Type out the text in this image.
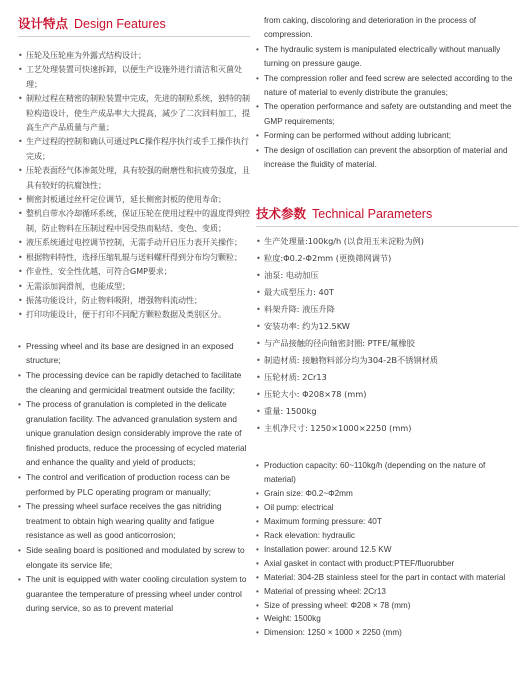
设计特点 Design Features
• 压轮及压轮座为外露式结构设计；
• 工艺处理装置可快速拆卸，以便生产设施外进行清洁和灭菌处理；
• 制粒过程在精密的制粒装置中完成，先进的制粒系统，独特的制粒构造设计，使生产成品率大大提高，减少了二次回料加工，提高生产产品质量与产量；
• 生产过程的控制和确认可通过PLC操作程序执行或手工操作执行完成；
• 压轮表面经气体渗氮处理，具有较强的耐磨性和抗疲劳强度，且具有较好的抗腐蚀性；
• 侧密封板通过丝杆定位调节，延长侧密封板的使用寿命；
• 整机自带水冷却循环系统，保证压轮在使用过程中的温度得到控制，防止物料在压制过程中因受热而粘结、变色、变质；
• 液压系统通过电控调节控制，无需手动开启压力表开关操作；
• 根据物料特性，选择压缩轧辊与送料螺杆得到分布均匀颗粒；
• 作业性、安全性优越，可符合GMP要求；
• 无需添加润滑剂，也能成型；
• 振荡功能设计，防止物料吸附，增强物料流动性；
• 打印功能设计，便于打印不同配方颗粒数据及类别区分。
• Pressing wheel and its base are designed in an exposed structure;
• The processing device can be rapidly detached to facilitate the cleaning and germicidal treatment outside the facility;
• The process of granulation is completed in the delicate granulation facility. The advanced granulation system and unique granulation design considerably improve the rate of finished products, reduce the processing of ecycled material and enhance the quality and yield of products;
• The control and verification of production rocess can be performed by PLC operating program or manually;
• The pressing wheel surface receives the gas nitriding treatment to obtain high wearing quality and fatigue resistance as well as good anticorrosion;
• Side sealing board is positioned and modulated by screw to elongate its service life;
• The unit is equipped with water cooling circulation system to guarantee the temperature of pressing wheel under control during service, so as to prevent material
from caking, discoloring and deterioration in the process of compression.
• The hydraulic system is manipulated electrically without manually turning on pressure gauge.
• The compression roller and feed screw are selected according to the nature of material to evenly distribute the granules;
• The operation performance and safety are outstanding and meet the GMP requirements;
• Forming can be performed without adding lubricant;
• The design of oscillation can prevent the absorption of material and increase the fluidity of material.
技术参数 Technical Parameters
• 生产处理量:100kg/h (以食用玉米淀粉为例)
• 粒度:Φ0.2-Φ2mm (更换筛网调节)
• 油泵: 电动加压
• 最大成型压力: 40T
• 料架升降: 液压升降
• 安装功率: 约为12.5KW
• 与产品接触的径向轴密封圈: PTFE/氟橡胶
• 制造材质: 接触物料部分均为304-2B不锈钢材质
• 压轮材质: 2Cr13
• 压轮大小: Φ208×78 (mm)
• 重量: 1500kg
• 主机净尺寸: 1250×1000×2250 (mm)
• Production capacity: 60~110kg/h (depending on the nature of material)
• Grain size: Φ0.2~Φ2mm
• Oil pump: electrical
• Maximum forming pressure: 40T
• Rack elevation: hydraulic
• Installation power: around 12.5 KW
• Axial gasket in contact with product:PTEF/fluorubber
• Material: 304-2B stainless steel for the part in contact with material
• Material of pressing wheel: 2Cr13
• Size of pressing wheel: Φ208 × 78 (mm)
• Weight: 1500kg
• Dimension: 1250 × 1000 × 2250 (mm)
